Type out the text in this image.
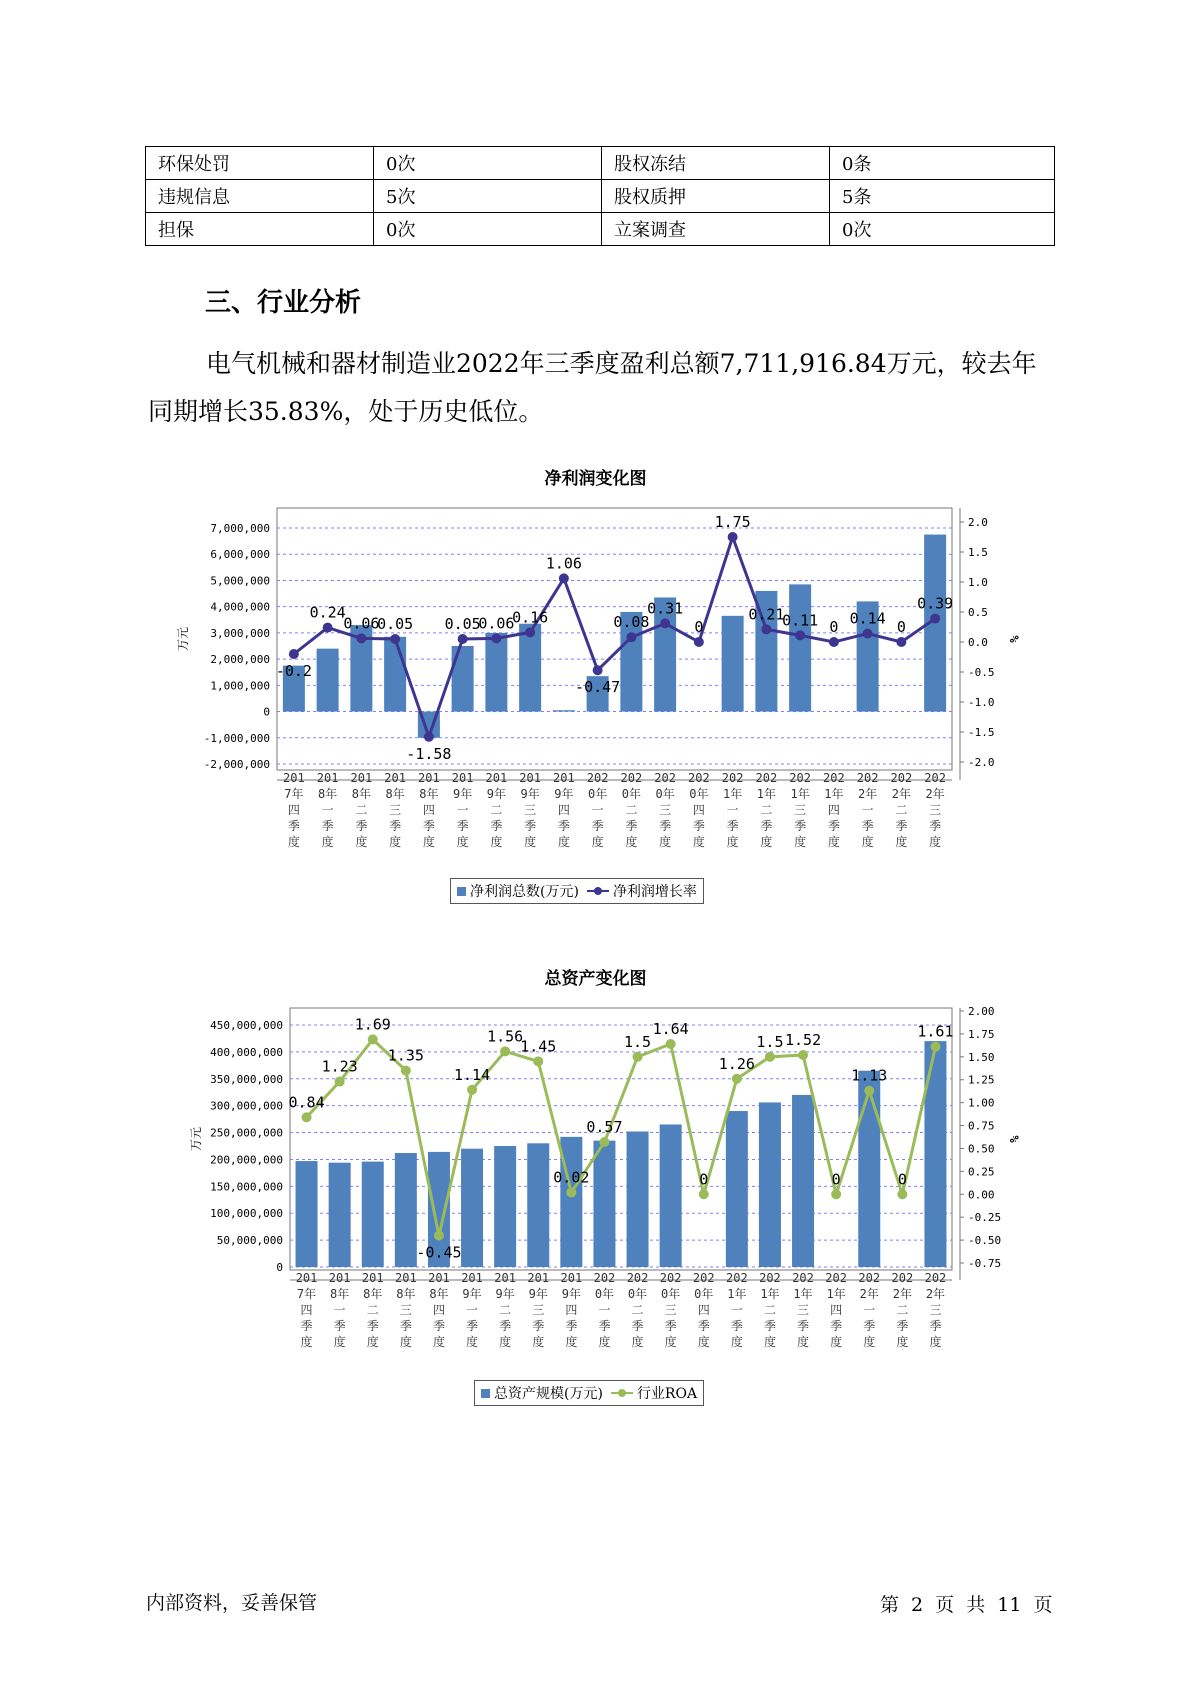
环保处罚	0次	股权冻结	0条
违规信息	5次	股权质押	5条
担保	0次	立案调查	0次
三、行业分析

电气机械和器材制造业2022年三季度盈利总额7,711,916.84万元，较去年同期增长35.83%，处于历史低位。

净利润变化图
7,000,000
6,000,000
5,000,000
4,000,000
3,000,000
2,000,000
1,000,000
0
-1,000,000
-2,000,000
2.0
1.5
1.0
0.5
0.0
-0.5
-1.0
-1.5
-2.0
万元	%
-0.2
0.24
0.06
0.05
-1.58
0.05
0.06
0.16
1.06
-0.47
0.08
0.31
0
1.75
0.21
0.11 0 0.14 0
0.39
201 7年四季度
201 8年一季度
201 8年二季度
201 8年三季度
201 8年四季度
201 9年一季度
201 9年二季度
201 9年三季度
201 9年四季度
202 0年一季度
202 0年二季度
202 0年三季度
202 0年四季度
202 1年一季度
202 1年二季度
202 1年三季度
202 1年四季度
202 2年一季度
202 2年二季度
202 2年三季度
净利润总数(万元) 净利润增长率
总资产变化图
450,000,000
400,000,000
350,000,000
300,000,000
250,000,000
200,000,000
150,000,000
100,000,000
50,000,000
0
2.00
1.75
1.50
1.25
1.00
0.75
0.50
0.25
0.00
-0.25
-0.50
-0.75
万元	%
0.84
1.23
1.69
1.35
-0.45
1.14
1.56
1.45
0.02
0.57
1.5
1.64
0
1.26
1.5 1.52
0
1.13
0
1.61
201 7年四季度
201 8年一季度
201 8年二季度
201 8年三季度
201 8年四季度
201 9年一季度
201 9年二季度
201 9年三季度
201 9年四季度
202 0年一季度
202 0年二季度
202 0年三季度
202 0年四季度
202 1年一季度
202 1年二季度
202 1年三季度
202 1年四季度
202 2年一季度
202 2年二季度
202 2年三季度
总资产规模(万元) 行业ROA
内部资料，妥善保管	第 2 页 共 11 页
